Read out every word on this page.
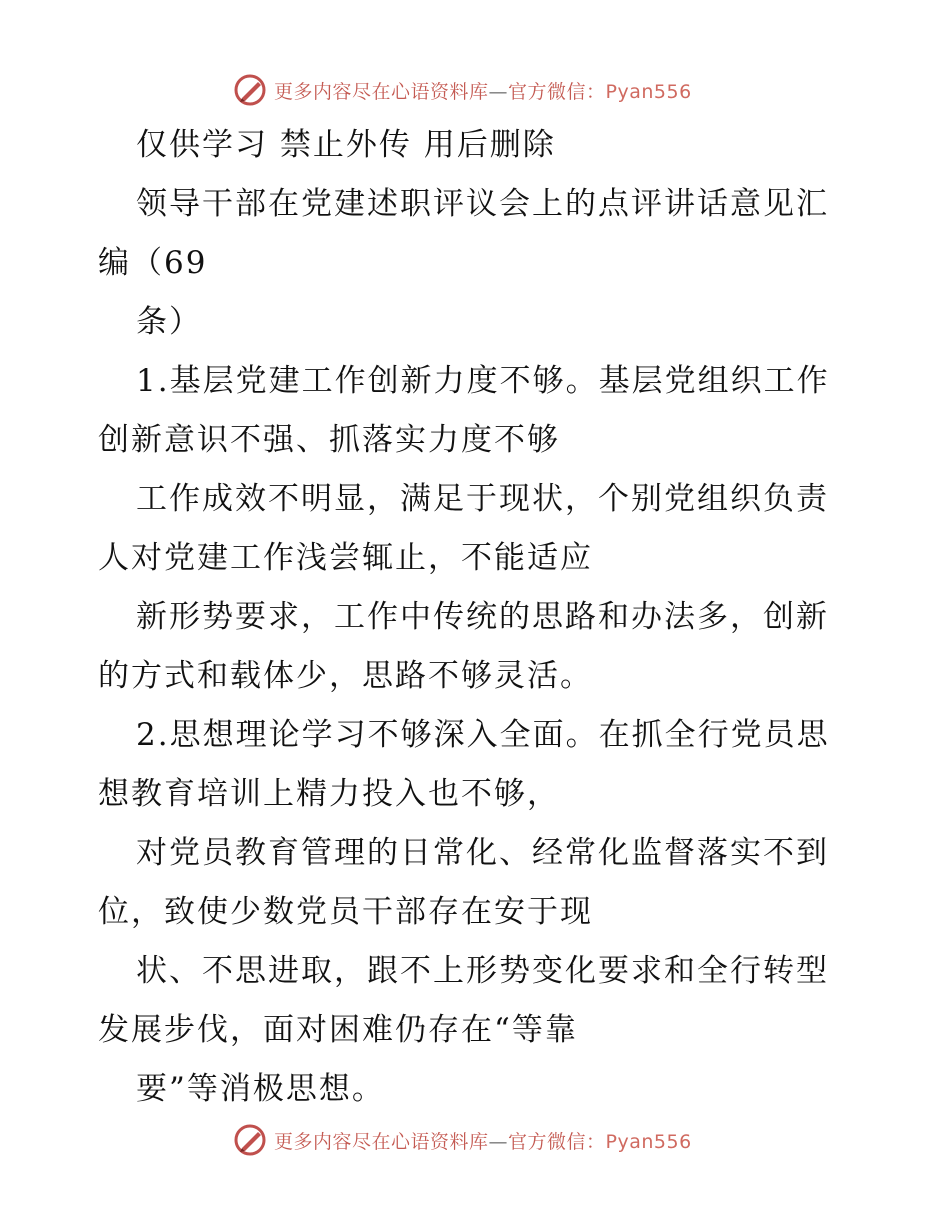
更多内容尽在心语资料库—官方微信：Pyan556
仅供学习 禁止外传 用后删除
领导干部在党建述职评议会上的点评讲话意见汇
编（69
条）
1.基层党建工作创新力度不够。基层党组织工作
创新意识不强、抓落实力度不够
工作成效不明显，满足于现状，个别党组织负责
人对党建工作浅尝辄止，不能适应
新形势要求，工作中传统的思路和办法多，创新
的方式和载体少，思路不够灵活。
2.思想理论学习不够深入全面。在抓全行党员思
想教育培训上精力投入也不够，
对党员教育管理的日常化、经常化监督落实不到
位，致使少数党员干部存在安于现
状、不思进取，跟不上形势变化要求和全行转型
发展步伐，面对困难仍存在“等靠
要”等消极思想。
更多内容尽在心语资料库—官方微信：Pyan556
